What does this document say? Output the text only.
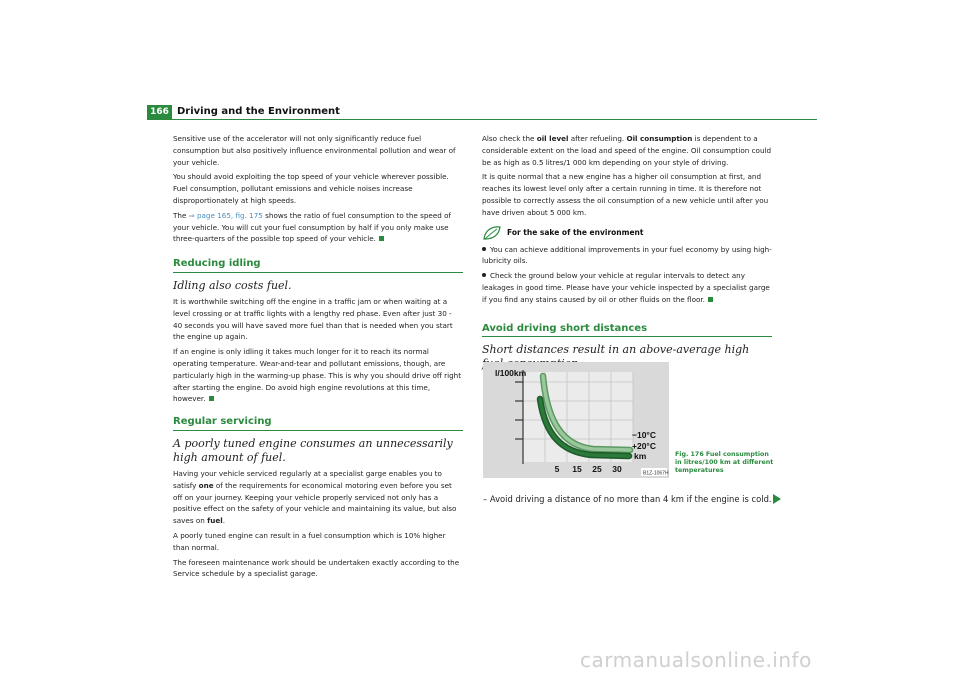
166 Driving and the Environment

Sensitive use of the accelerator will not only significantly reduce fuel consumption but also positively influence environmental pollution and wear of your vehicle.

You should avoid exploiting the top speed of your vehicle wherever possible. Fuel consumption, pollutant emissions and vehicle noises increase disproportionately at high speeds.

The ⇒ page 165, fig. 175 shows the ratio of fuel consumption to the speed of your vehicle. You will cut your fuel consumption by half if you only make use three-quarters of the possible top speed of your vehicle.

Reducing idling
Idling also costs fuel.

It is worthwhile switching off the engine in a traffic jam or when waiting at a level crossing or at traffic lights with a lengthy red phase. Even after just 30 - 40 seconds you will have saved more fuel than that is needed when you start the engine up again.

If an engine is only idling it takes much longer for it to reach its normal operating temperature. Wear-and-tear and pollutant emissions, though, are particularly high in the warming-up phase. This is why you should drive off right after starting the engine. Do avoid high engine revolutions at this time, however.

Regular servicing
A poorly tuned engine consumes an unnecessarily high amount of fuel.

Having your vehicle serviced regularly at a specialist garge enables you to satisfy one of the requirements for economical motoring even before you set off on your journey. Keeping your vehicle properly serviced not only has a positive effect on the safety of your vehicle and maintaining its value, but also saves on fuel.

A poorly tuned engine can result in a fuel consumption which is 10% higher than normal.

The foreseen maintenance work should be undertaken exactly according to the Service schedule by a specialist garage.

Also check the oil level after refueling. Oil consumption is dependent to a considerable extent on the load and speed of the engine. Oil consumption could be as high as 0.5 litres/1 000 km depending on your style of driving.

It is quite normal that a new engine has a higher oil consumption at first, and reaches its lowest level only after a certain running in time. It is therefore not possible to correctly assess the oil consumption of a new vehicle until after you have driven about 5 000 km.

For the sake of the environment

You can achieve additional improvements in your fuel economy by using high-lubricity oils.

Check the ground below your vehicle at regular intervals to detect any leakages in good time. Please have your vehicle inspected by a specialist garge if you find any stains caused by oil or other fluids on the floor.

Avoid driving short distances
Short distances result in an above-average high
l/100km
km
−10°C
+20°C
5 15 25 30	B1Z-1067H
Fig. 176 Fuel consumption in litres/100 km at different temperatures
– Avoid driving a distance of no more than 4 km if the engine is cold.
carmanualsonline.info
